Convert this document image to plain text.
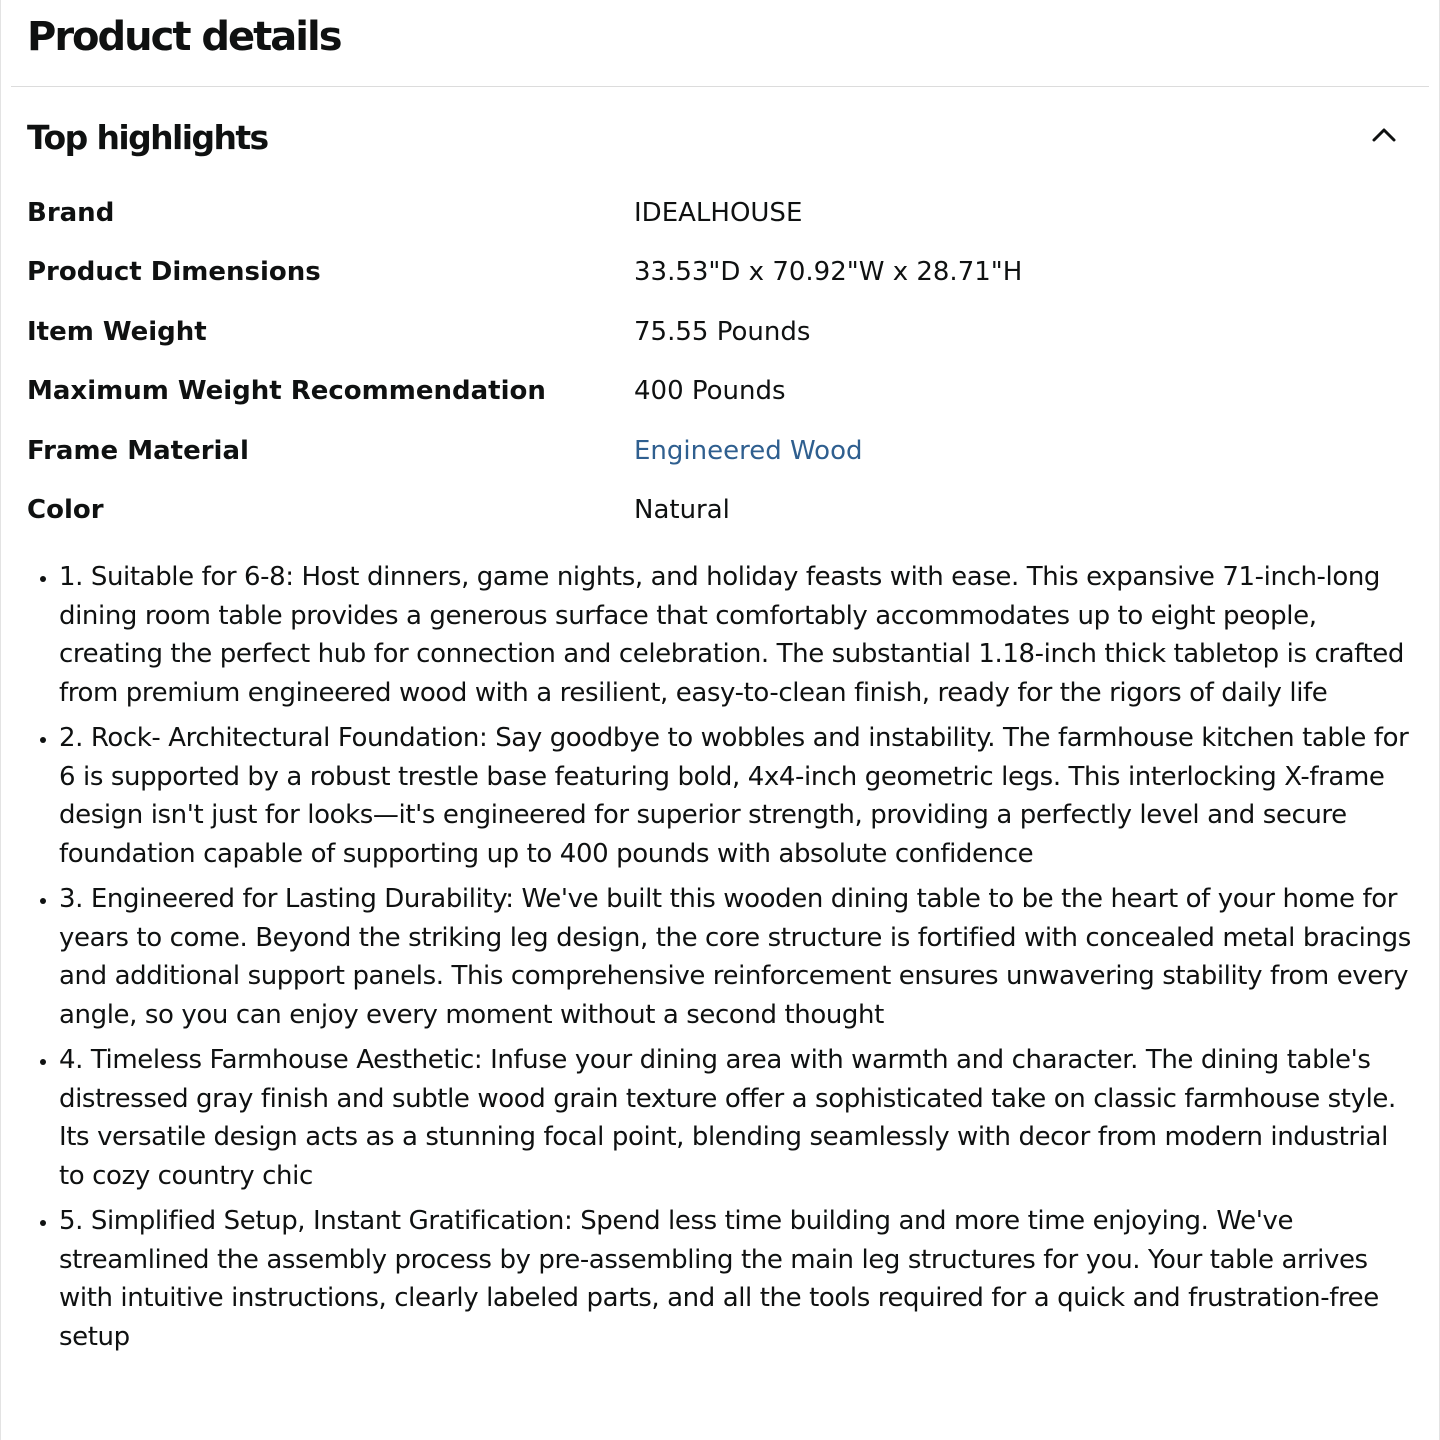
Product details
Top highlights
Brand	IDEALHOUSE
Product Dimensions	33.53"D x 70.92"W x 28.71"H
Item Weight	75.55 Pounds
Maximum Weight Recommendation	400 Pounds
Frame Material	Engineered Wood
Color	Natural
• 1. Suitable for 6-8: Host dinners, game nights, and holiday feasts with ease. This expansive 71-inch-long dining room table provides a generous surface that comfortably accommodates up to eight people, creating the perfect hub for connection and celebration. The substantial 1.18-inch thick tabletop is crafted from premium engineered wood with a resilient, easy-to-clean finish, ready for the rigors of daily life
• 2. Rock- Architectural Foundation: Say goodbye to wobbles and instability. The farmhouse kitchen table for 6 is supported by a robust trestle base featuring bold, 4x4-inch geometric legs. This interlocking X-frame design isn't just for looks—it's engineered for superior strength, providing a perfectly level and secure foundation capable of supporting up to 400 pounds with absolute confidence
• 3. Engineered for Lasting Durability: We've built this wooden dining table to be the heart of your home for years to come. Beyond the striking leg design, the core structure is fortified with concealed metal bracings and additional support panels. This comprehensive reinforcement ensures unwavering stability from every angle, so you can enjoy every moment without a second thought
• 4. Timeless Farmhouse Aesthetic: Infuse your dining area with warmth and character. The dining table's distressed gray finish and subtle wood grain texture offer a sophisticated take on classic farmhouse style. Its versatile design acts as a stunning focal point, blending seamlessly with decor from modern industrial to cozy country chic
• 5. Simplified Setup, Instant Gratification: Spend less time building and more time enjoying. We've streamlined the assembly process by pre-assembling the main leg structures for you. Your table arrives with intuitive instructions, clearly labeled parts, and all the tools required for a quick and frustration-free setup
